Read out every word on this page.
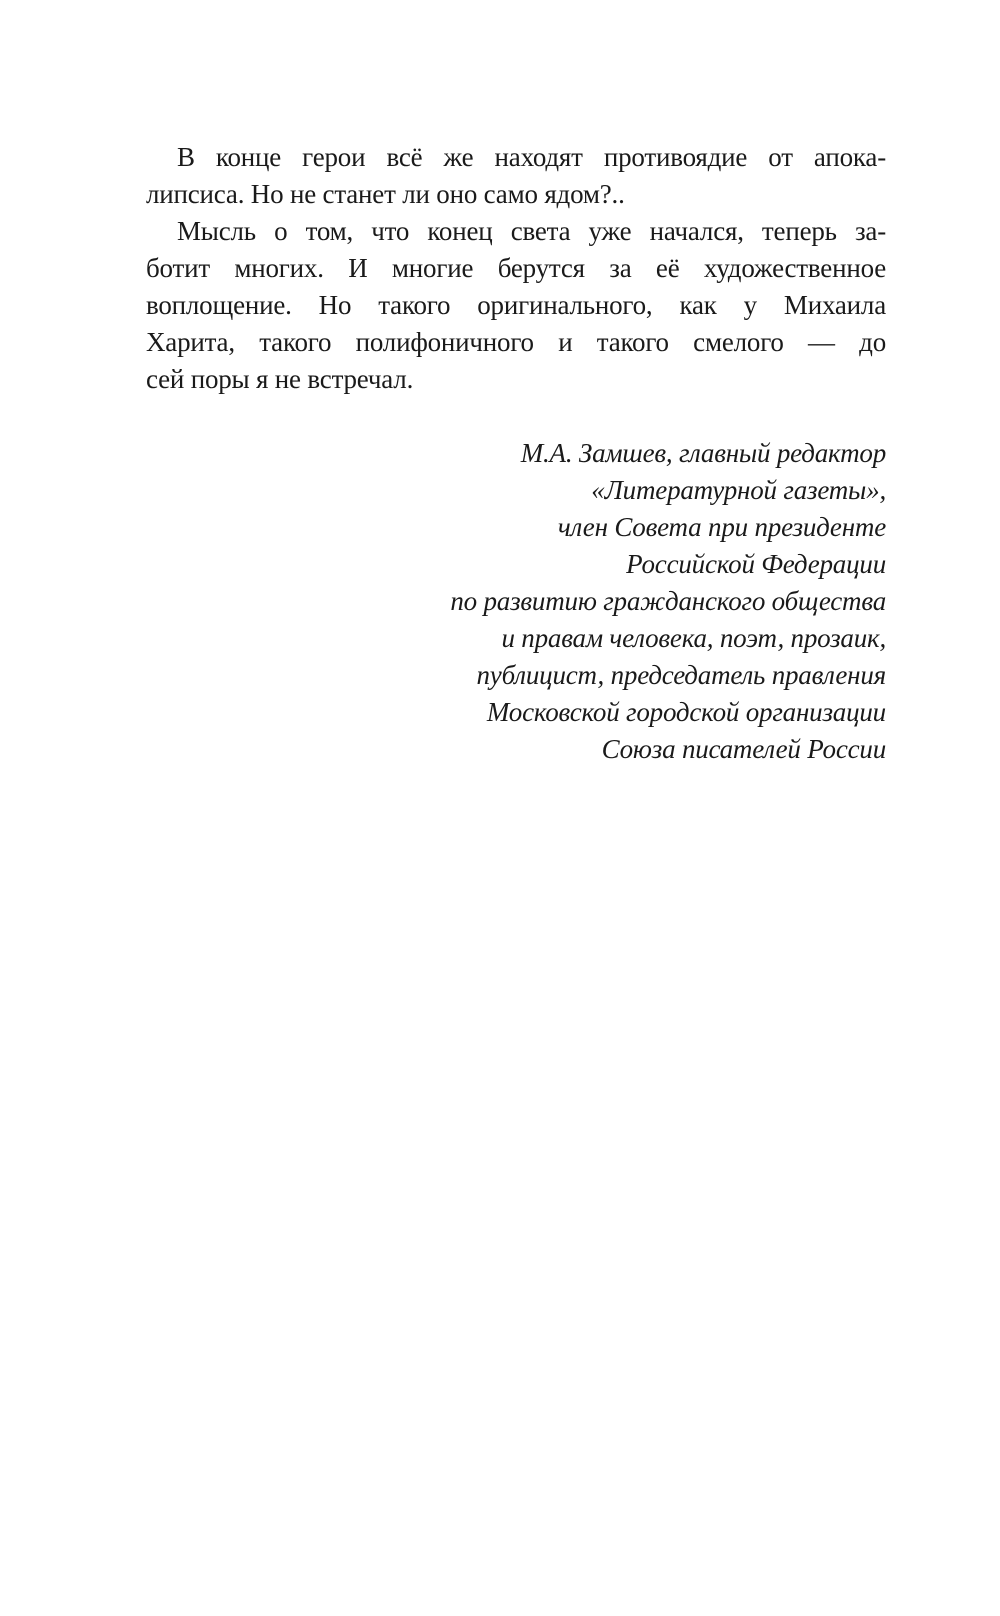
В конце герои всё же находят противоядие от апока-
липсиса. Но не станет ли оно само ядом?..
Мысль о том, что конец света уже начался, теперь за-
ботит многих. И многие берутся за её художественное
воплощение. Но такого оригинального, как у Михаила
Харита, такого полифоничного и такого смелого — до
сей поры я не встречал.
М.А. Замшев, главный редактор
«Литературной газеты»,
член Совета при президенте
Российской Федерации
по развитию гражданского общества
и правам человека, поэт, прозаик,
публицист, председатель правления
Московской городской организации
Союза писателей России
